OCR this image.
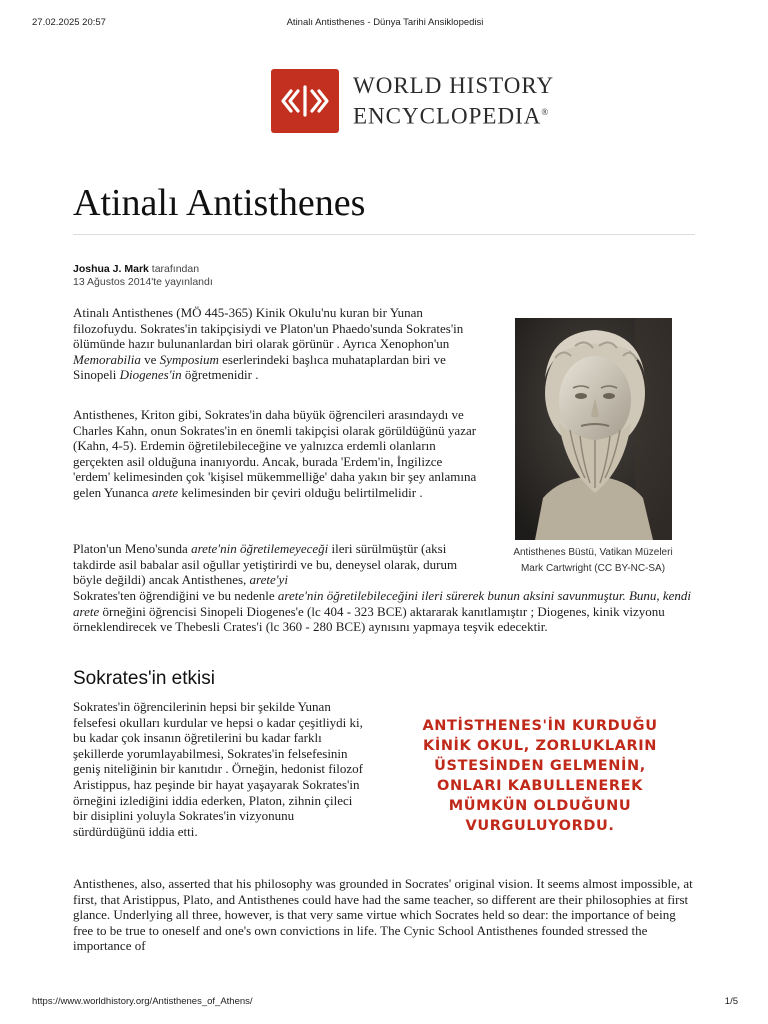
27.02.2025 20:57	Atinalı Antisthenes - Dünya Tarihi Ansiklopedisi
WORLD HISTORY
ENCYCLOPEDIA®
Atinalı Antisthenes
Joshua J. Mark tarafından
13 Ağustos 2014'te yayınlandı

Atinalı Antisthenes (MÖ 445-365) Kinik Okulu'nu kuran bir Yunan filozofuydu. Sokrates'in takipçisiydi ve Platon'un Phaedo'sunda Sokrates'in ölümünde hazır bulunanlardan biri olarak görünür . Ayrıca Xenophon'un Memorabilia ve Symposium eserlerindeki başlıca muhataplardan biri ve Sinopeli Diogenes'in öğretmenidir .

Antisthenes, Kriton gibi, Sokrates'in daha büyük öğrencileri arasındaydı ve Charles Kahn, onun Sokrates'in en önemli takipçisi olarak görüldüğünü yazar (Kahn, 4-5). Erdemin öğretilebileceğine ve yalnızca erdemli olanların gerçekten asil olduğuna inanıyordu. Ancak, burada 'Erdem'in, İngilizce 'erdem' kelimesinden çok 'kişisel mükemmelliğe' daha yakın bir şey anlamına gelen Yunanca arete kelimesinden bir çeviri olduğu belirtilmelidir .

Platon'un Meno'sunda arete'nin öğretilemeyeceği ileri sürülmüştür (aksi takdirde asil babalar asil oğullar yetiştirirdi ve bu, deneysel olarak, durum böyle değildi) ancak Antisthenes, arete'yi

Sokrates'ten öğrendiğini ve bu nedenle arete'nin öğretilebileceğini ileri sürerek bunun aksini savunmuştur. Bunu, kendi arete örneğini öğrencisi Sinopeli Diogenes'e (lc 404 - 323 BCE) aktararak kanıtlamıştır ; Diogenes, kinik vizyonu örneklendirecek ve Thebesli Crates'i (lc 360 - 280 BCE) aynısını yapmaya teşvik edecektir.

Antisthenes Büstü, Vatikan Müzeleri
Mark Cartwright (CC BY-NC-SA)
Sokrates'in etkisi

Sokrates'in öğrencilerinin hepsi bir şekilde Yunan felsefesi okulları kurdular ve hepsi o kadar çeşitliydi ki, bu kadar çok insanın öğretilerini bu kadar farklı şekillerde yorumlayabilmesi, Sokrates'in felsefesinin geniş niteliğinin bir kanıtıdır . Örneğin, hedonist filozof Aristippus, haz peşinde bir hayat yaşayarak Sokrates'in örneğini izlediğini iddia ederken, Platon, zihnin çileci bir disiplini yoluyla Sokrates'in vizyonunu sürdürdüğünü iddia etti.

ANTİSTHENES'İN KURDUĞU KİNİK OKUL, ZORLUKLARIN ÜSTESİNDEN GELMENİN, ONLARI KABULLENEREK MÜMKÜN OLDUĞUNU VURGULUYORDU.

Antisthenes, also, asserted that his philosophy was grounded in Socrates' original vision. It seems almost impossible, at first, that Aristippus, Plato, and Antisthenes could have had the same teacher, so different are their philosophies at first glance. Underlying all three, however, is that very same virtue which Socrates held so dear: the importance of being free to be true to oneself and one's own convictions in life. The Cynic School Antisthenes founded stressed the importance of

https://www.worldhistory.org/Antisthenes_of_Athens/	1/5
